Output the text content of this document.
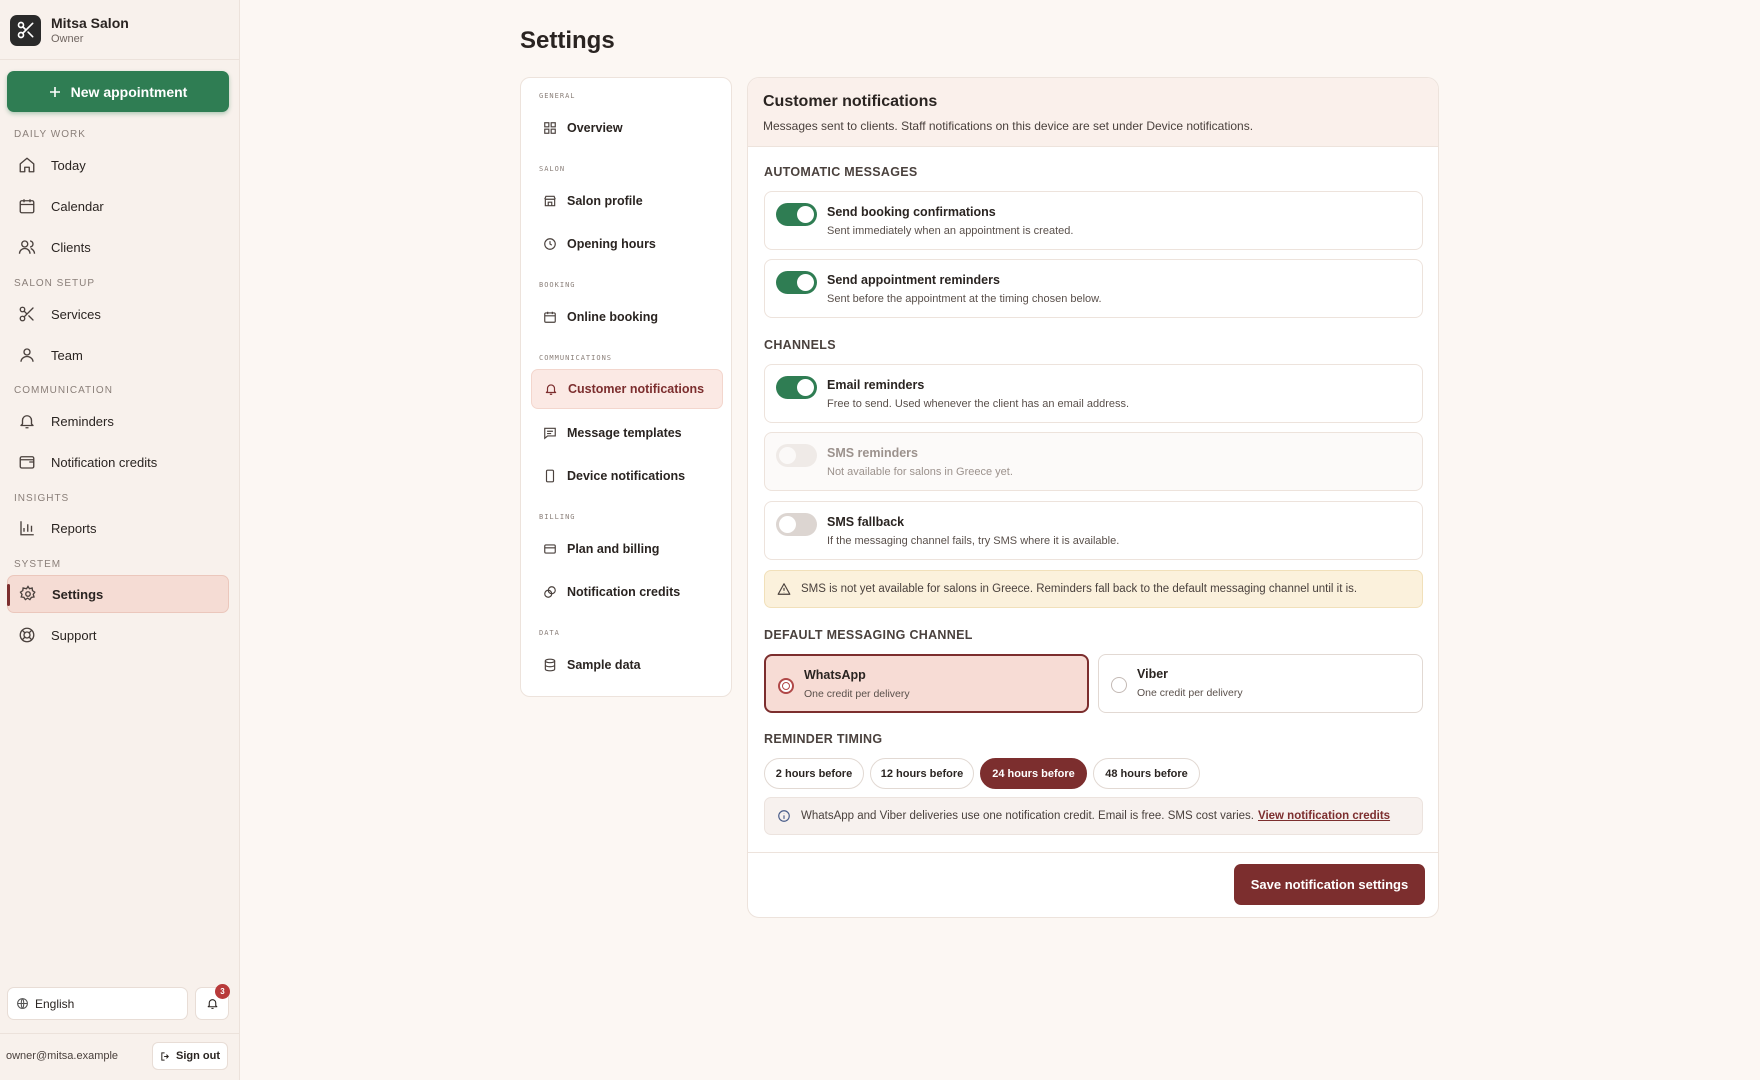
Mitsa Salon
Owner
New appointment
DAILY WORK
Today
Calendar
Clients
SALON SETUP
Services
Team
COMMUNICATION
Reminders
Notification credits
INSIGHTS
Reports
SYSTEM
Settings
Support
English
3
owner@mitsa.example	Sign out
Settings
GENERAL
Overview
SALON
Salon profile
Opening hours
BOOKING
Online booking
COMMUNICATIONS
Customer notifications
Message templates
Device notifications
BILLING
Plan and billing
Notification credits
DATA
Sample data
Customer notifications
Messages sent to clients. Staff notifications on this device are set under Device notifications.
AUTOMATIC MESSAGES
Send booking confirmations
Sent immediately when an appointment is created.
Send appointment reminders
Sent before the appointment at the timing chosen below.
CHANNELS
Email reminders
Free to send. Used whenever the client has an email address.
SMS reminders
Not available for salons in Greece yet.
SMS fallback
If the messaging channel fails, try SMS where it is available.
SMS is not yet available for salons in Greece. Reminders fall back to the default messaging channel until it is.
DEFAULT MESSAGING CHANNEL
WhatsApp
One credit per delivery
Viber
One credit per delivery
REMINDER TIMING
2 hours before	12 hours before	24 hours before	48 hours before
WhatsApp and Viber deliveries use one notification credit. Email is free. SMS cost varies. View notification credits
Save notification settings
